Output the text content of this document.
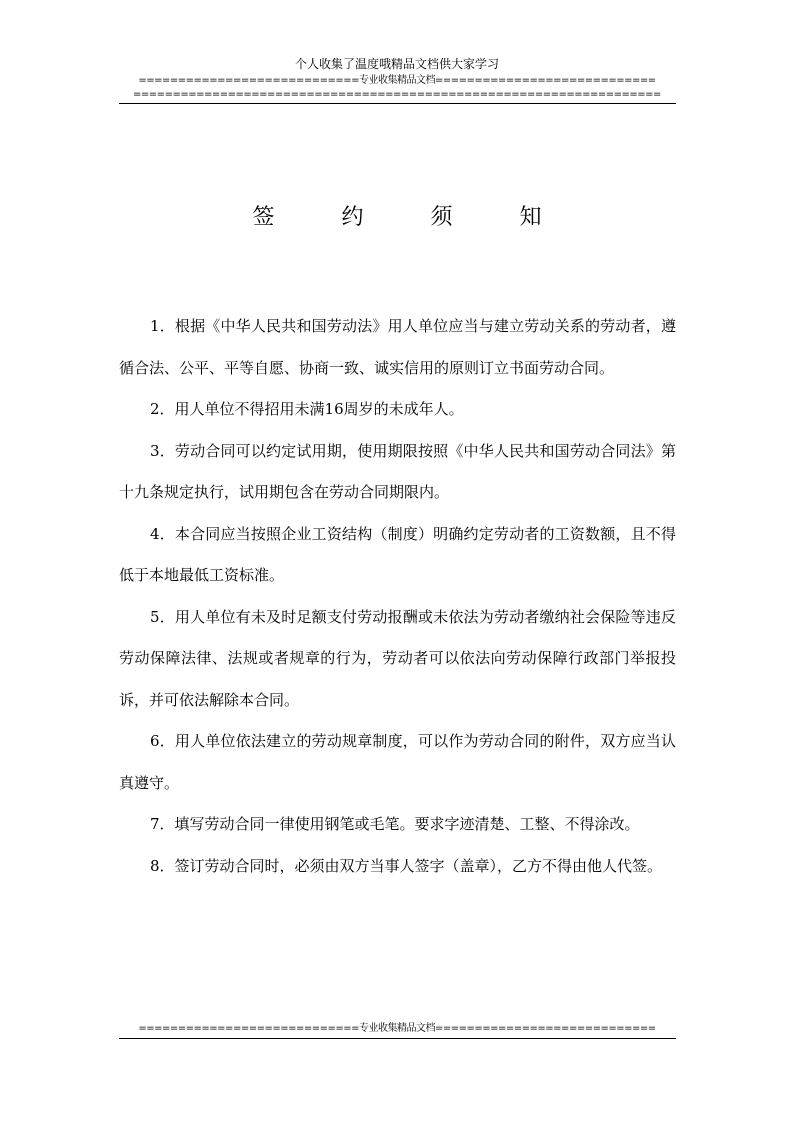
个人收集了温度哦精品文档供大家学习
============================专业收集精品文档============================
===================================================================
签 约 须 知

1．根据《中华人民共和国劳动法》用人单位应当与建立劳动关系的劳动者，遵循合法、公平、平等自愿、协商一致、诚实信用的原则订立书面劳动合同。

2．用人单位不得招用未满16周岁的未成年人。

3．劳动合同可以约定试用期，使用期限按照《中华人民共和国劳动合同法》第十九条规定执行，试用期包含在劳动合同期限内。

4．本合同应当按照企业工资结构（制度）明确约定劳动者的工资数额，且不得低于本地最低工资标准。

5．用人单位有未及时足额支付劳动报酬或未依法为劳动者缴纳社会保险等违反劳动保障法律、法规或者规章的行为，劳动者可以依法向劳动保障行政部门举报投诉，并可依法解除本合同。

6．用人单位依法建立的劳动规章制度，可以作为劳动合同的附件，双方应当认真遵守。

7．填写劳动合同一律使用钢笔或毛笔。要求字迹清楚、工整、不得涂改。

8．签订劳动合同时，必须由双方当事人签字（盖章），乙方不得由他人代签。

============================专业收集精品文档============================
